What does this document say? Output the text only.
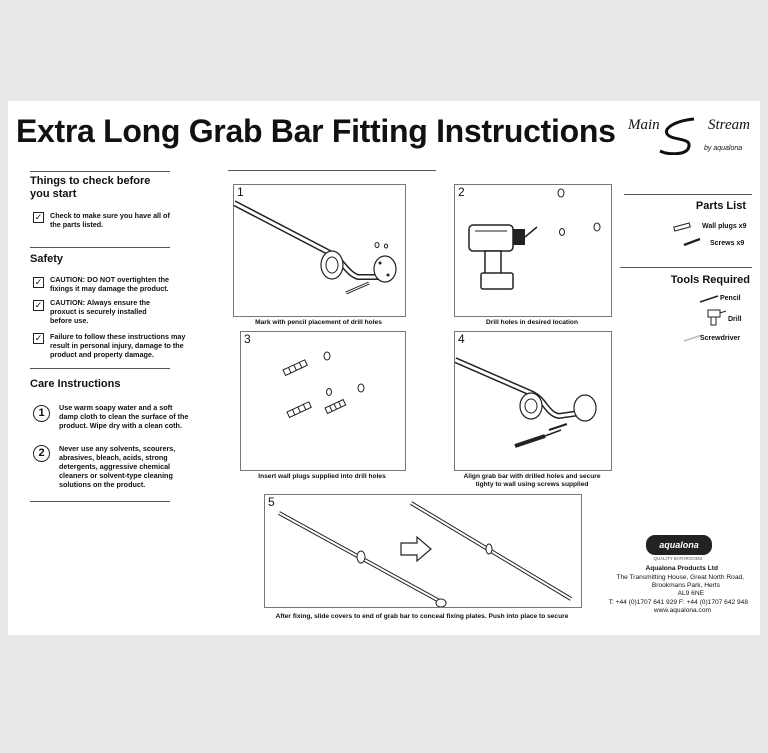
Extra Long Grab Bar Fitting Instructions Main	Stream
by aqualona
Things to check before
you start
✓ Check to make sure you have all of the parts listed.
Safety
✓ CAUTION: DO NOT overtighten the fixings it may damage the product.
✓ CAUTION: Always ensure the proxuct is securely installed before use.
✓ Failure to follow these instructions may result in personal injury, damage to the product and property damage.
Care Instructions
1	Use warm soapy water and a soft damp cloth to clean the surface of the product. Wipe dry with a clean coth.
2	Never use any solvents, scourers, abrasives, bleach, acids, strong detergents, aggressive chemical cleaners or solvent-type cleaning solutions on the product.
1
Mark with pencil placement of drill holes
2
Drill holes in desired location
3
Insert wall plugs supplied into drill holes
4
Align grab bar with drilled holes and secure tighty to wall using screws supplied
5
After fixing, slide covers to end of grab bar to conceal fixing plates. Push into place to secure
Parts List
Wall plugs x9
Screws x9
Tools Required
Pencil
Drill
Screwdriver
aqualona
QUALITY BATHROOMS
Aqualona Products Ltd
The Transmitting House, Great North Road,
Brookmans Park, Herts
AL9 6NE
T: +44 (0)1707 641 929 F: +44 (0)1707 642 948
www.aqualona.com
